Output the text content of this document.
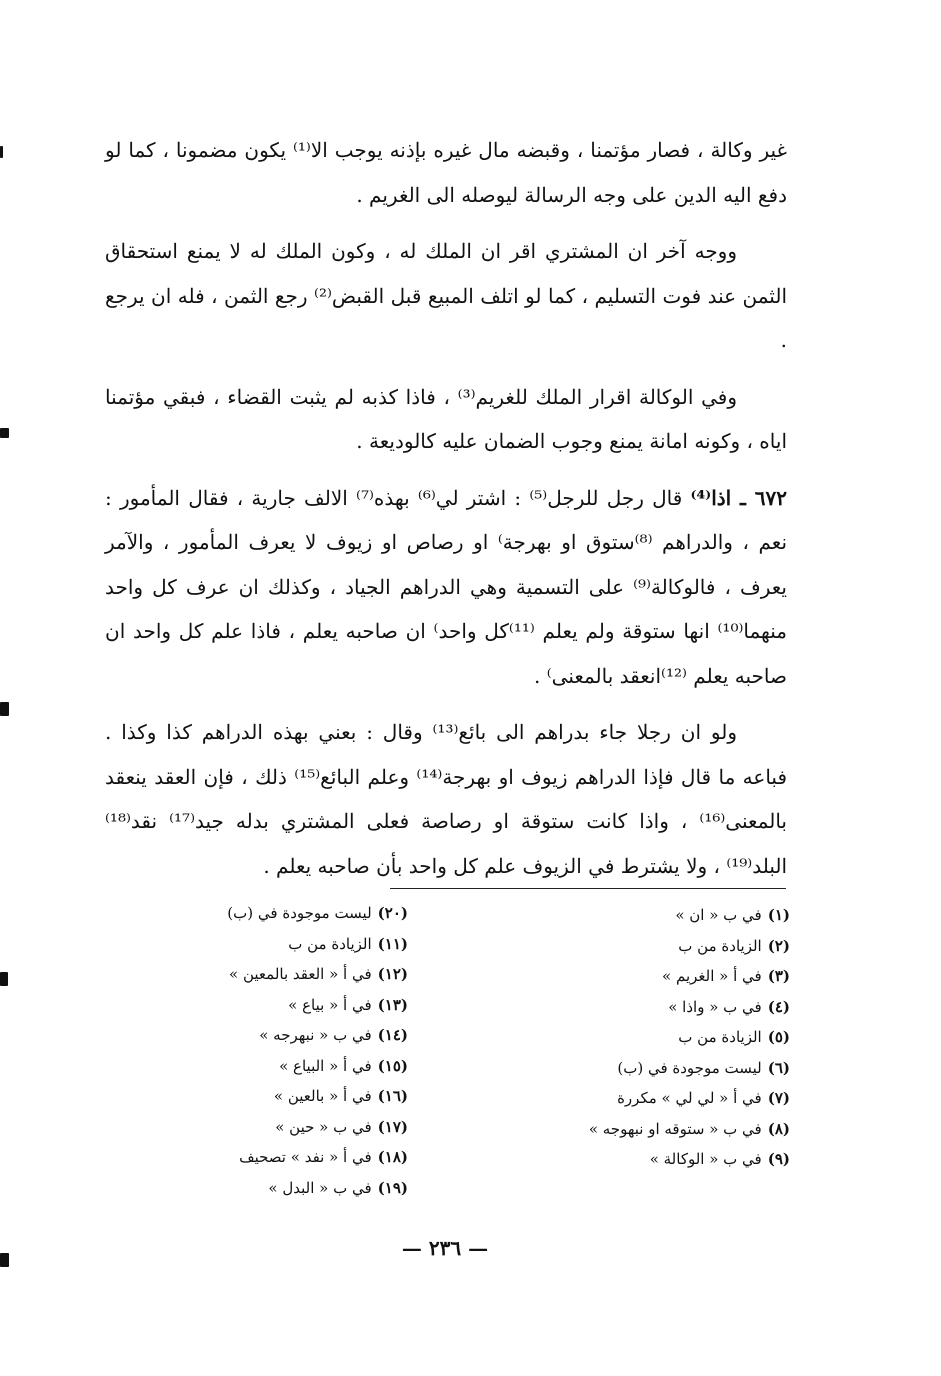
غير وكالة ، فصار مؤتمنا ، وقبضه مال غيره بإذنه يوجب الا⁽¹⁾ يكون مضمونا ، كما لو دفع اليه الدين على وجه الرسالة ليوصله الى الغريم .

ووجه آخر ان المشتري اقر ان الملك له ، وكون الملك له لا يمنع استحقاق الثمن عند فوت التسليم ، كما لو اتلف المبيع قبل القبض⁽²⁾ رجع الثمن ، فله ان يرجع .

وفي الوكالة اقرار الملك للغريم⁽³⁾ ، فاذا كذبه لم يثبت القضاء ، فبقي مؤتمنا اياه ، وكونه امانة يمنع وجوب الضمان عليه كالوديعة .

٦٧٢ ـ اذا⁽⁴⁾ قال رجل للرجل⁽⁵⁾ : اشتر لي⁽⁶⁾ بهذه⁽⁷⁾ الالف جارية ، فقال المأمور : نعم ، والدراهم ⁽⁸⁾ستوق او بهرجة⁾ او رصاص او زيوف لا يعرف المأمور ، والآمر يعرف ، فالوكالة⁽⁹⁾ على التسمية وهي الدراهم الجياد ، وكذلك ان عرف كل واحد منهما⁽¹⁰⁾ انها ستوقة ولم يعلم ⁽¹¹⁾كل واحد⁾ ان صاحبه يعلم ، فاذا علم كل واحد ان صاحبه يعلم ⁽¹²⁾انعقد بالمعنى⁾ .

ولو ان رجلا جاء بدراهم الى بائع⁽¹³⁾ وقال : بعني بهذه الدراهم كذا وكذا . فباعه ما قال فإذا الدراهم زيوف او بهرجة⁽¹⁴⁾ وعلم البائع⁽¹⁵⁾ ذلك ، فإن العقد ينعقد بالمعنى⁽¹⁶⁾ ، واذا كانت ستوقة او رصاصة فعلى المشتري بدله جيد⁽¹⁷⁾ نقد⁽¹⁸⁾ البلد⁽¹⁹⁾ ، ولا يشترط في الزيوف علم كل واحد بأن صاحبه يعلم .

(١)في ب « ان »
(٢)الزيادة من ب
(٣)في أ « الغريم »
(٤)في ب « واذا »
(٥)الزيادة من ب
(٦)ليست موجودة في (ب)
(٧)في أ « لي لي » مكررة
(٨)في ب « ستوقه او نبهوجه »
(٩)في ب « الوكالة »
(٢٠)ليست موجودة في (ب)
(١١)الزيادة من ب
(١٢)في أ « العقد بالمعين »
(١٣)في أ « بياع »
(١٤)في ب « نبهرجه »
(١٥)في أ « البياع »
(١٦)في أ « بالعين »
(١٧)في ب « حين »
(١٨)في أ « نفد » تصحيف
(١٩)في ب « البدل »
— ٢٣٦ —
